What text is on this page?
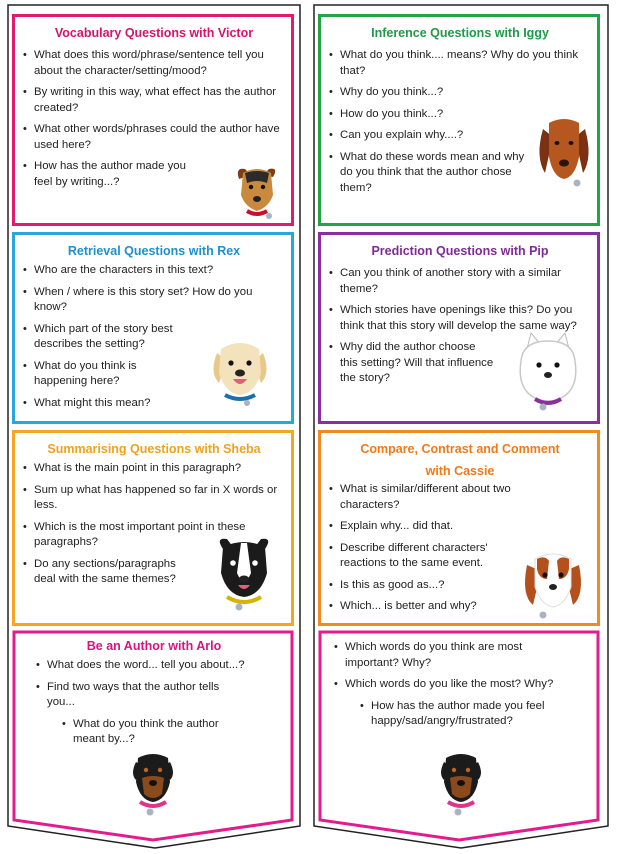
Vocabulary Questions with Victor
• What does this word/phrase/sentence tell you about the character/setting/mood?
• By writing in this way, what effect has the author created?
• What other words/phrases could the author have used here?
• How has the author made you feel by writing...?
Retrieval Questions with Rex
• Who are the characters in this text?
• When / where is this story set? How do you know?
• Which part of the story best describes the setting?
• What do you think is happening here?
• What might this mean?
Summarising Questions with Sheba
• What is the main point in this paragraph?
• Sum up what has happened so far in X words or less.
• Which is the most important point in these paragraphs?
• Do any sections/paragraphs deal with the same themes?
Be an Author with Arlo
• What does the word... tell you about...?
• Find two ways that the author tells you...
• What do you think the author meant by...?
Inference Questions with Iggy
• What do you think.... means? Why do you think that?
• Why do you think...?
• How do you think...?
• Can you explain why....?
• What do these words mean and why do you think that the author chose them?
Prediction Questions with Pip
• Can you think of another story with a similar theme?
• Which stories have openings like this? Do you think that this story will develop the same way?
• Why did the author choose this setting? Will that influence the story?
Compare, Contrast and Comment
with Cassie
• What is similar/different about two characters?
• Explain why... did that.
• Describe different characters' reactions to the same event.
• Is this as good as...?
• Which... is better and why?
• Which words do you think are most important? Why?
• Which words do you like the most? Why?
• How has the author made you feel happy/sad/angry/frustrated?
